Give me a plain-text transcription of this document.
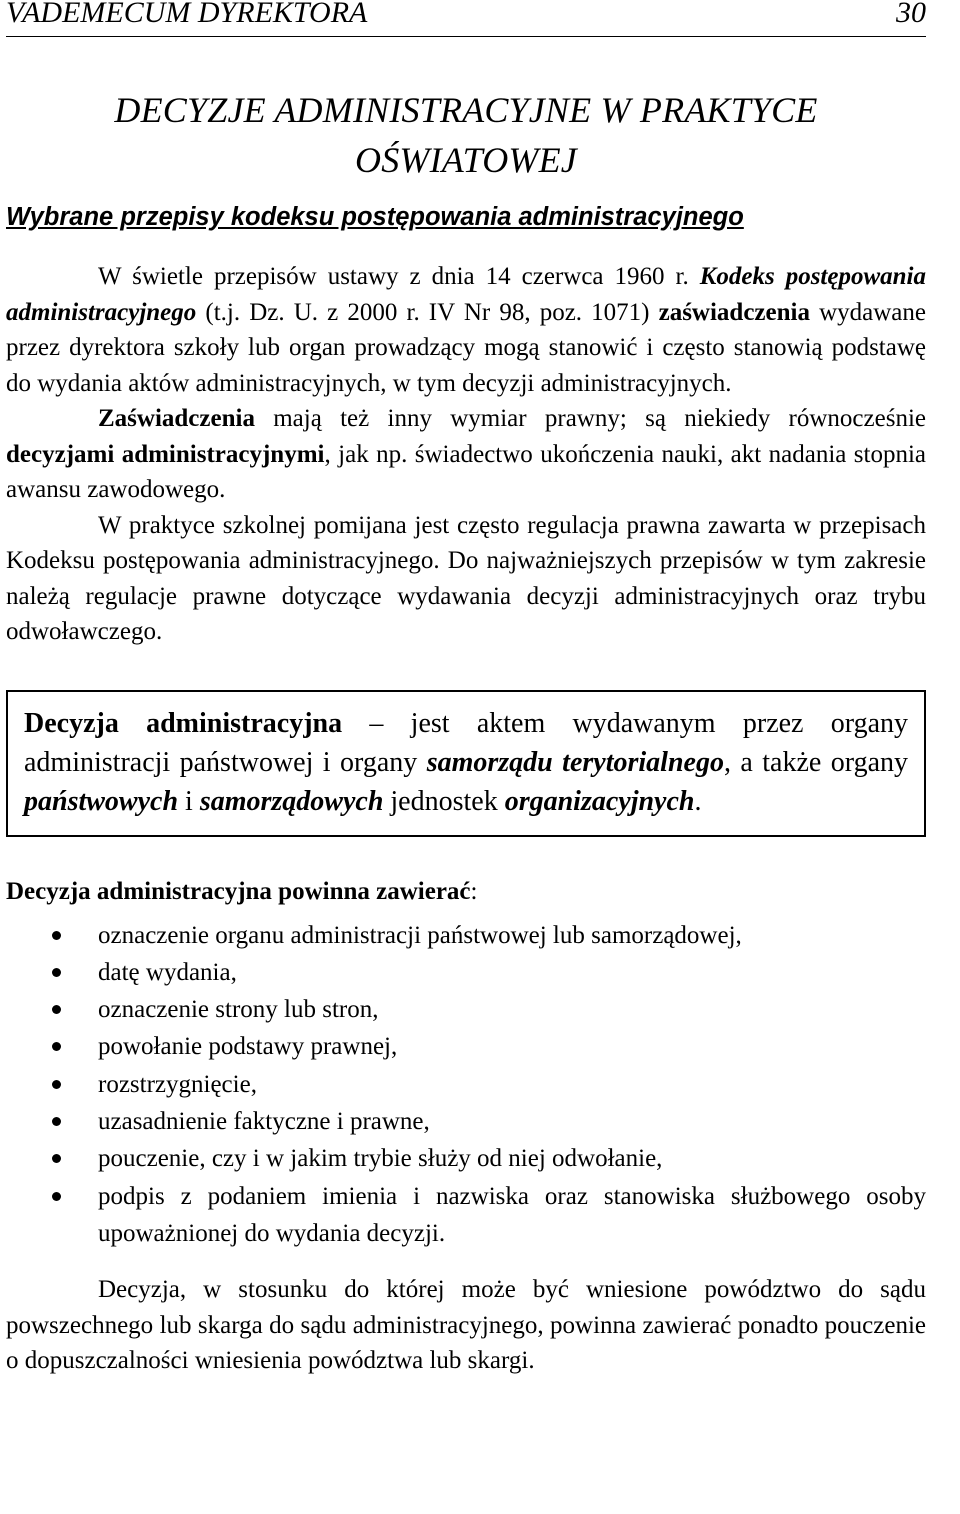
VADEMECUM DYREKTORA	30
DECYZJE ADMINISTRACYJNE W PRAKTYCE
OŚWIATOWEJ
Wybrane przepisy kodeksu postępowania administracyjnego

W świetle przepisów ustawy z dnia 14 czerwca 1960 r. Kodeks postępowania administracyjnego (t.j. Dz. U. z 2000 r. IV Nr 98, poz. 1071) zaświadczenia wydawane przez dyrektora szkoły lub organ prowadzący mogą stanowić i często stanowią podstawę do wydania aktów administracyjnych, w tym decyzji administracyjnych.

Zaświadczenia mają też inny wymiar prawny; są niekiedy równocześnie decyzjami administracyjnymi, jak np. świadectwo ukończenia nauki, akt nadania stopnia awansu zawodowego.

W praktyce szkolnej pomijana jest często regulacja prawna zawarta w przepisach Kodeksu postępowania administracyjnego. Do najważniejszych przepisów w tym zakresie należą regulacje prawne dotyczące wydawania decyzji administracyjnych oraz trybu odwoławczego.

Decyzja administracyjna – jest aktem wydawanym przez organy administracji państwowej i organy samorządu terytorialnego, a także organy państwowych i samorządowych jednostek organizacyjnych.
Decyzja administracyjna powinna zawierać:
oznaczenie organu administracji państwowej lub samorządowej,
datę wydania,
oznaczenie strony lub stron,
powołanie podstawy prawnej,
rozstrzygnięcie,
uzasadnienie faktyczne i prawne,
pouczenie, czy i w jakim trybie służy od niej odwołanie,
podpis z podaniem imienia i nazwiska oraz stanowiska służbowego osoby upoważnionej do wydania decyzji.

Decyzja, w stosunku do której może być wniesione powództwo do sądu powszechnego lub skarga do sądu administracyjnego, powinna zawierać ponadto pouczenie o dopuszczalności wniesienia powództwa lub skargi.
